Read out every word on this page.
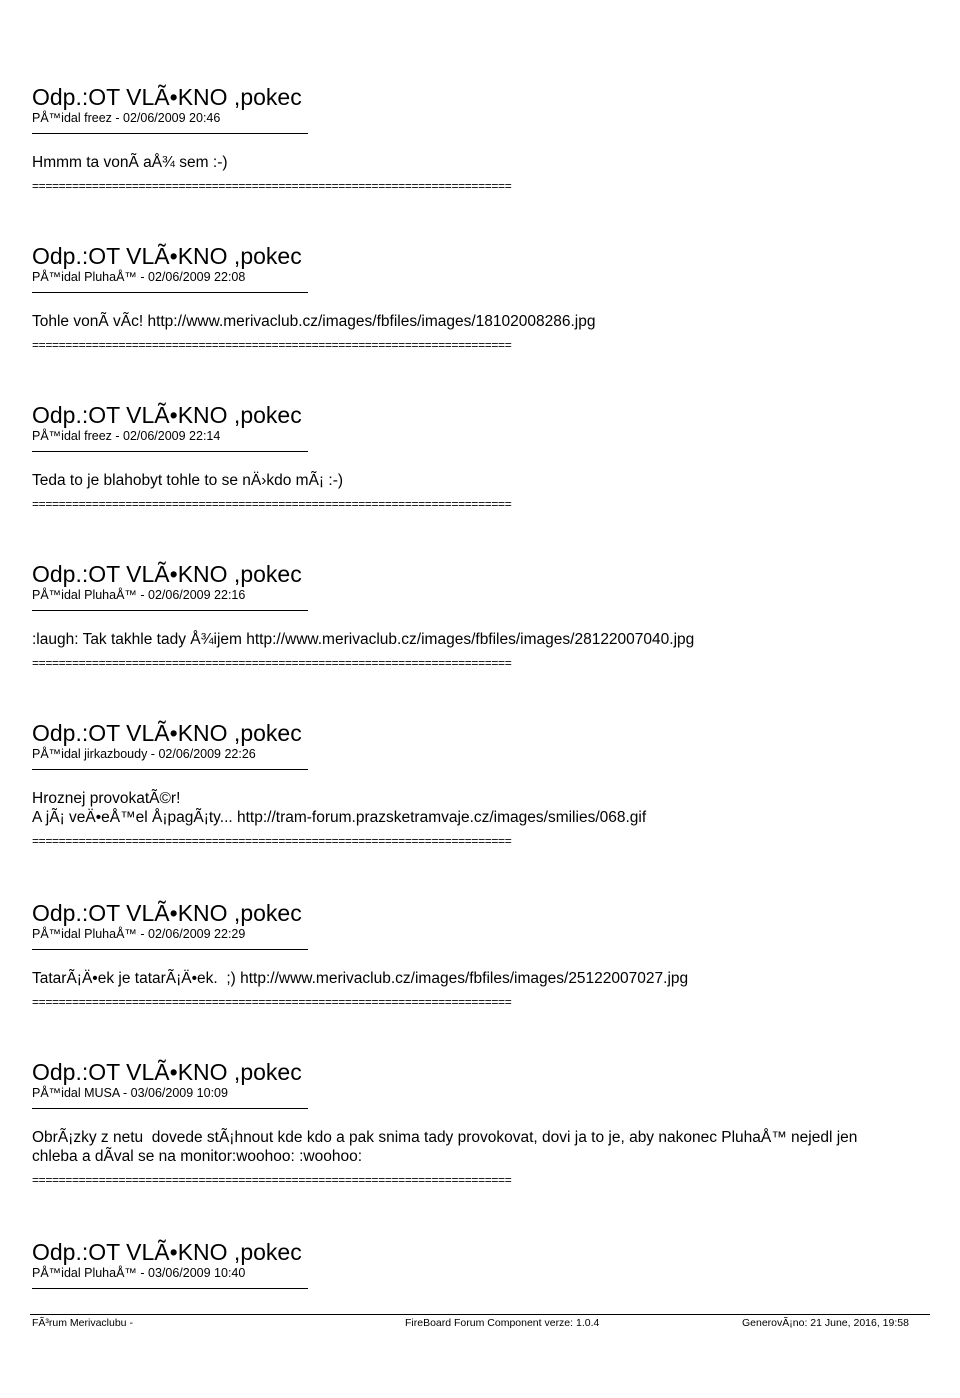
Odp.:OT VLÃ•KNO ,pokec
PÅ™idal freez - 02/06/2009 20:46
Hmmm ta vonÃ aÅ¾ sem :-)
========================================================================
Odp.:OT VLÃ•KNO ,pokec
PÅ™idal PluhaÅ™ - 02/06/2009 22:08
Tohle vonÃ vÃc! http://www.merivaclub.cz/images/fbfiles/images/18102008286.jpg
========================================================================
Odp.:OT VLÃ•KNO ,pokec
PÅ™idal freez - 02/06/2009 22:14
Teda to je blahobyt tohle to se nÄ›kdo mÃ¡ :-)
========================================================================
Odp.:OT VLÃ•KNO ,pokec
PÅ™idal PluhaÅ™ - 02/06/2009 22:16
:laugh: Tak takhle tady Å¾ijem http://www.merivaclub.cz/images/fbfiles/images/28122007040.jpg
========================================================================
Odp.:OT VLÃ•KNO ,pokec
PÅ™idal jirkazboudy - 02/06/2009 22:26
Hroznej provokatÃ©r!
A jÃ¡ veÄ•eÅ™el Å¡pagÃ¡ty... http://tram-forum.prazsketramvaje.cz/images/smilies/068.gif
========================================================================
Odp.:OT VLÃ•KNO ,pokec
PÅ™idal PluhaÅ™ - 02/06/2009 22:29
TatarÃ¡Ä•ek je tatarÃ¡Ä•ek.  ;) http://www.merivaclub.cz/images/fbfiles/images/25122007027.jpg
========================================================================
Odp.:OT VLÃ•KNO ,pokec
PÅ™idal MUSA - 03/06/2009 10:09
ObrÃ¡zky z netu  dovede stÃ¡hnout kde kdo a pak snima tady provokovat, dovi ja to je, aby nakonec PluhaÅ™ nejedl jen
chleba a dÃval se na monitor:woohoo: :woohoo:
========================================================================
Odp.:OT VLÃ•KNO ,pokec
PÅ™idal PluhaÅ™ - 03/06/2009 10:40
FÃ³rum Merivaclubu -	FireBoard Forum Component verze: 1.0.4	GenerovÃ¡no: 21 June, 2016, 19:58
